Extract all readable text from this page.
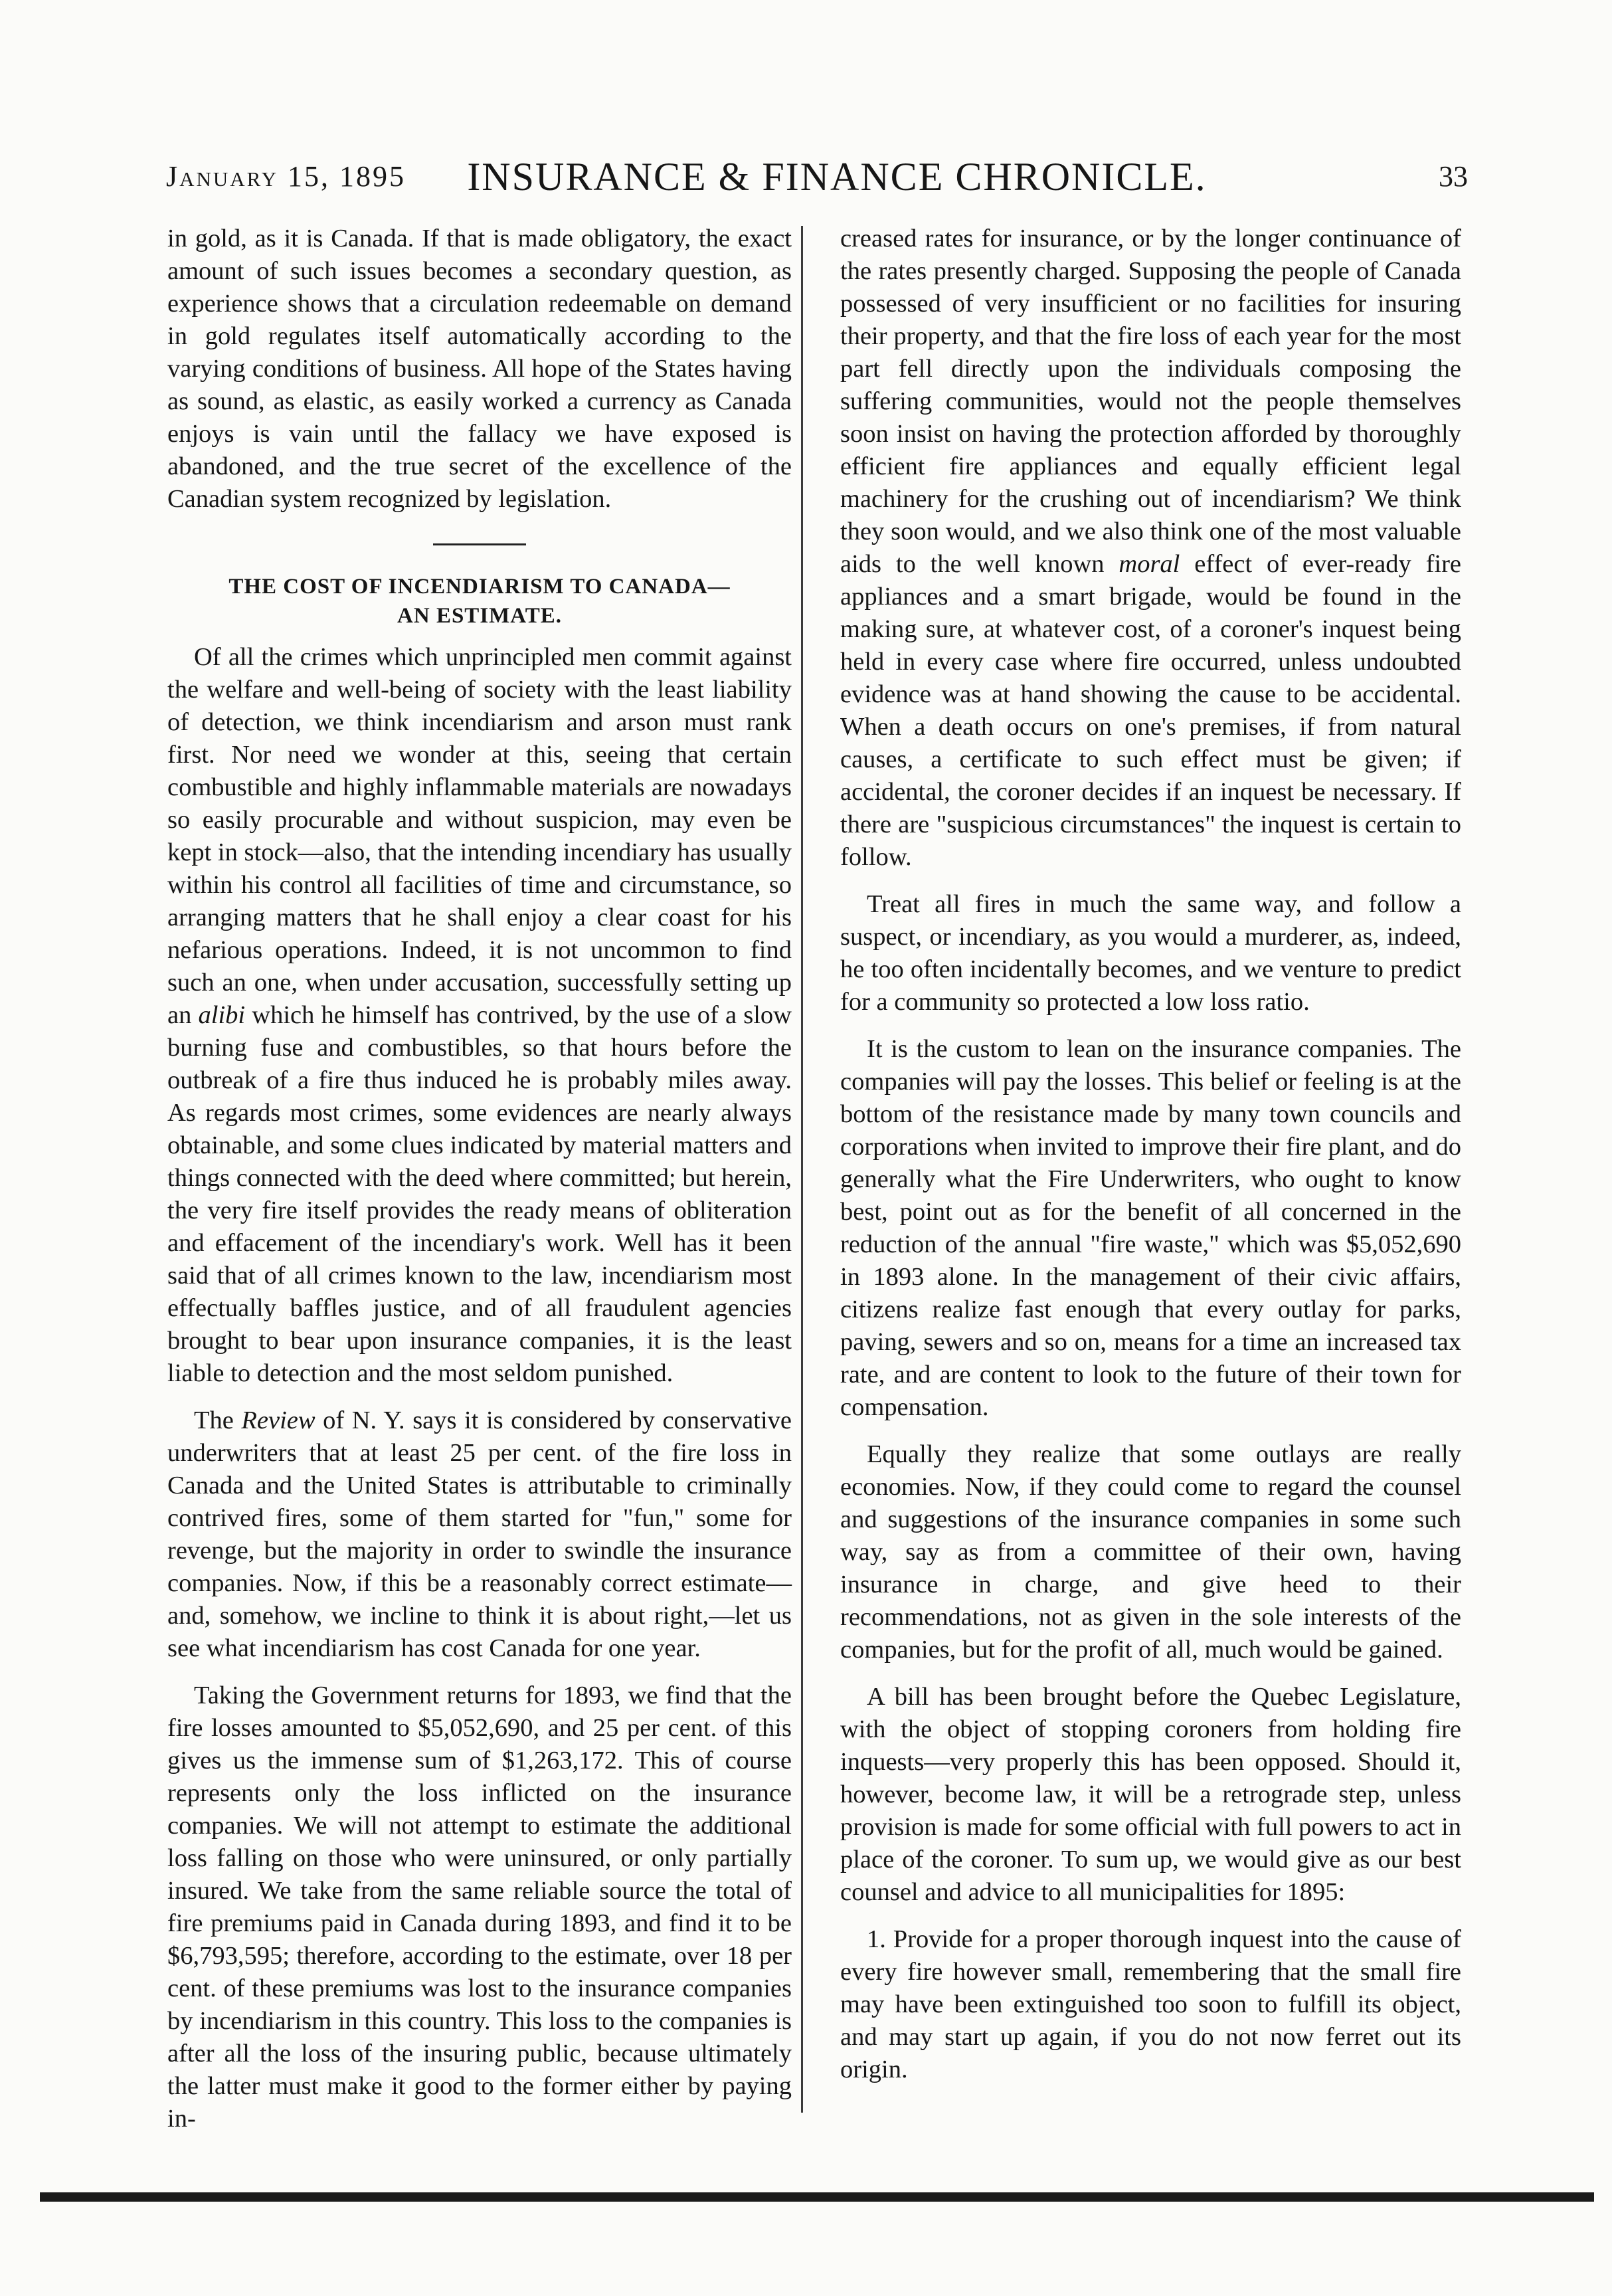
January 15, 1895	INSURANCE & FINANCE CHRONICLE.	33

in gold, as it is Canada. If that is made obligatory, the exact amount of such issues becomes a secondary question, as experience shows that a circulation redeemable on demand in gold regulates itself automatically according to the varying conditions of business. All hope of the States having as sound, as elastic, as easily worked a currency as Canada enjoys is vain until the fallacy we have exposed is abandoned, and the true secret of the excellence of the Canadian system recognized by legislation.

THE COST OF INCENDIARISM TO CANADA—
AN ESTIMATE.

Of all the crimes which unprincipled men commit against the welfare and well-being of society with the least liability of detection, we think incendiarism and arson must rank first. Nor need we wonder at this, seeing that certain combustible and highly inflammable materials are nowadays so easily procurable and without suspicion, may even be kept in stock—also, that the intending incendiary has usually within his control all facilities of time and circumstance, so arranging matters that he shall enjoy a clear coast for his nefarious operations. Indeed, it is not uncommon to find such an one, when under accusation, successfully setting up an alibi which he himself has contrived, by the use of a slow burning fuse and combustibles, so that hours before the outbreak of a fire thus induced he is probably miles away. As regards most crimes, some evidences are nearly always obtainable, and some clues indicated by material matters and things connected with the deed where committed; but herein, the very fire itself provides the ready means of obliteration and effacement of the incendiary's work. Well has it been said that of all crimes known to the law, incendiarism most effectually baffles justice, and of all fraudulent agencies brought to bear upon insurance companies, it is the least liable to detection and the most seldom punished.

The Review of N. Y. says it is considered by conservative underwriters that at least 25 per cent. of the fire loss in Canada and the United States is attributable to criminally contrived fires, some of them started for "fun," some for revenge, but the majority in order to swindle the insurance companies. Now, if this be a reasonably correct estimate—and, somehow, we incline to think it is about right,—let us see what incendiarism has cost Canada for one year.

Taking the Government returns for 1893, we find that the fire losses amounted to $5,052,690, and 25 per cent. of this gives us the immense sum of $1,263,172. This of course represents only the loss inflicted on the insurance companies. We will not attempt to estimate the additional loss falling on those who were uninsured, or only partially insured. We take from the same reliable source the total of fire premiums paid in Canada during 1893, and find it to be $6,793,595; therefore, according to the estimate, over 18 per cent. of these premiums was lost to the insurance companies by incendiarism in this country. This loss to the companies is after all the loss of the insuring public, because ultimately the latter must make it good to the former either by paying in-

creased rates for insurance, or by the longer continuance of the rates presently charged. Supposing the people of Canada possessed of very insufficient or no facilities for insuring their property, and that the fire loss of each year for the most part fell directly upon the individuals composing the suffering communities, would not the people themselves soon insist on having the protection afforded by thoroughly efficient fire appliances and equally efficient legal machinery for the crushing out of incendiarism? We think they soon would, and we also think one of the most valuable aids to the well known moral effect of ever-ready fire appliances and a smart brigade, would be found in the making sure, at whatever cost, of a coroner's inquest being held in every case where fire occurred, unless undoubted evidence was at hand showing the cause to be accidental. When a death occurs on one's premises, if from natural causes, a certificate to such effect must be given; if accidental, the coroner decides if an inquest be necessary. If there are "suspicious circumstances" the inquest is certain to follow.

Treat all fires in much the same way, and follow a suspect, or incendiary, as you would a murderer, as, indeed, he too often incidentally becomes, and we venture to predict for a community so protected a low loss ratio.

It is the custom to lean on the insurance companies. The companies will pay the losses. This belief or feeling is at the bottom of the resistance made by many town councils and corporations when invited to improve their fire plant, and do generally what the Fire Underwriters, who ought to know best, point out as for the benefit of all concerned in the reduction of the annual "fire waste," which was $5,052,690 in 1893 alone. In the management of their civic affairs, citizens realize fast enough that every outlay for parks, paving, sewers and so on, means for a time an increased tax rate, and are content to look to the future of their town for compensation.

Equally they realize that some outlays are really economies. Now, if they could come to regard the counsel and suggestions of the insurance companies in some such way, say as from a committee of their own, having insurance in charge, and give heed to their recommendations, not as given in the sole interests of the companies, but for the profit of all, much would be gained.

A bill has been brought before the Quebec Legislature, with the object of stopping coroners from holding fire inquests—very properly this has been opposed. Should it, however, become law, it will be a retrograde step, unless provision is made for some official with full powers to act in place of the coroner. To sum up, we would give as our best counsel and advice to all municipalities for 1895:

1. Provide for a proper thorough inquest into the cause of every fire however small, remembering that the small fire may have been extinguished too soon to fulfill its object, and may start up again, if you do not now ferret out its origin.
